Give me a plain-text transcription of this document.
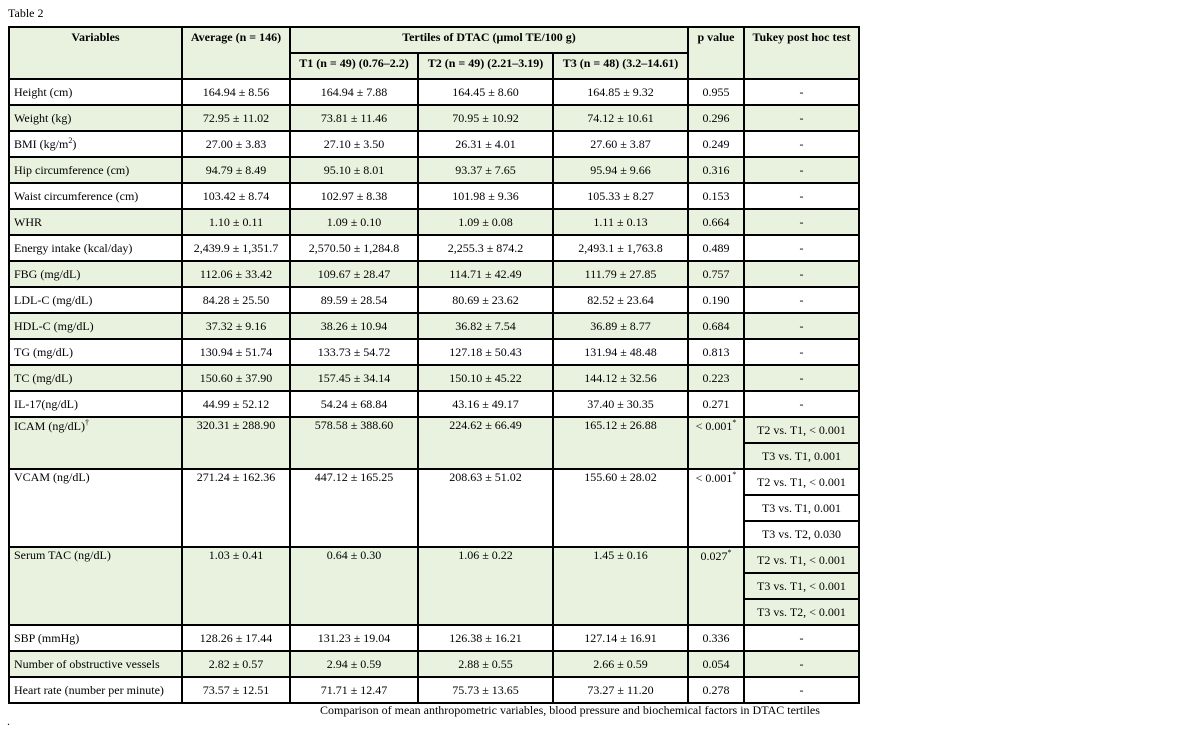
Table 2
Variables	Average (n = 146)	Tertiles of DTAC (μmol TE/100 g)			p value	Tukey post hoc test
		T1 (n = 49) (0.76–2.2)	T2 (n = 49) (2.21–3.19)	T3 (n = 48) (3.2–14.61)		
Height (cm)	164.94 ± 8.56	164.94 ± 7.88	164.45 ± 8.60	164.85 ± 9.32	0.955	-
Weight (kg)	72.95 ± 11.02	73.81 ± 11.46	70.95 ± 10.92	74.12 ± 10.61	0.296	-
BMI $(kg/m^2)$	27.00 ± 3.83	27.10 ± 3.50	26.31 ± 4.01	27.60 ± 3.87	0.249	-
Hip circumference (cm)	94.79 ± 8.49	95.10 ± 8.01	93.37 ± 7.65	95.94 ± 9.66	0.316	-
Waist circumference (cm)	103.42 ± 8.74	102.97 ± 8.38	101.98 ± 9.36	105.33 ± 8.27	0.153	-
WHR	1.10 ± 0.11	1.09 ± 0.10	1.09 ± 0.08	1.11 ± 0.13	0.664	-
Energy intake (kcal/day)	2,439.9 ± 1,351.7	2,570.50 ± 1,284.8	2,255.3 ± 874.2	2,493.1 ± 1,763.8	0.489	-
FBG (mg/dL)	112.06 ± 33.42	109.67 ± 28.47	114.71 ± 42.49	111.79 ± 27.85	0.757	-
LDL-C (mg/dL)	84.28 ± 25.50	89.59 ± 28.54	80.69 ± 23.62	82.52 ± 23.64	0.190	-
HDL-C (mg/dL)	37.32 ± 9.16	38.26 ± 10.94	36.82 ± 7.54	36.89 ± 8.77	0.684	-
TG (mg/dL)	130.94 ± 51.74	133.73 ± 54.72	127.18 ± 50.43	131.94 ± 48.48	0.813	-
TC (mg/dL)	150.60 ± 37.90	157.45 ± 34.14	150.10 ± 45.22	144.12 ± 32.56	0.223	-
IL-17(ng/dL)	44.99 ± 52.12	54.24 ± 68.84	43.16 ± 49.17	37.40 ± 30.35	0.271	-
ICAM (ng/dL)†	320.31 ± 288.90	578.58 ± 388.60	224.62 ± 66.49	165.12 ± 26.88	< 0.001*	T2 vs. T1, < 0.001
						T3 vs. T1, 0.001
VCAM (ng/dL)	271.24 ± 162.36	447.12 ± 165.25	208.63 ± 51.02	155.60 ± 28.02	< 0.001*	T2 vs. T1, < 0.001
						T3 vs. T1, 0.001
						T3 vs. T2, 0.030
Serum TAC (ng/dL)	1.03 ± 0.41	0.64 ± 0.30	1.06 ± 0.22	1.45 ± 0.16	0.027*	T2 vs. T1, < 0.001
						T3 vs. T1, < 0.001
						T3 vs. T2, < 0.001
SBP (mmHg)	128.26 ± 17.44	131.23 ± 19.04	126.38 ± 16.21	127.14 ± 16.91	0.336	-
Number of obstructive vessels	2.82 ± 0.57	2.94 ± 0.59	2.88 ± 0.55	2.66 ± 0.59	0.054	-
Heart rate (number per minute)	73.57 ± 12.51	71.71 ± 12.47	75.73 ± 13.65	73.27 ± 11.20	0.278	-
Comparison of mean anthropometric variables, blood pressure and biochemical factors in DTAC tertiles
.
